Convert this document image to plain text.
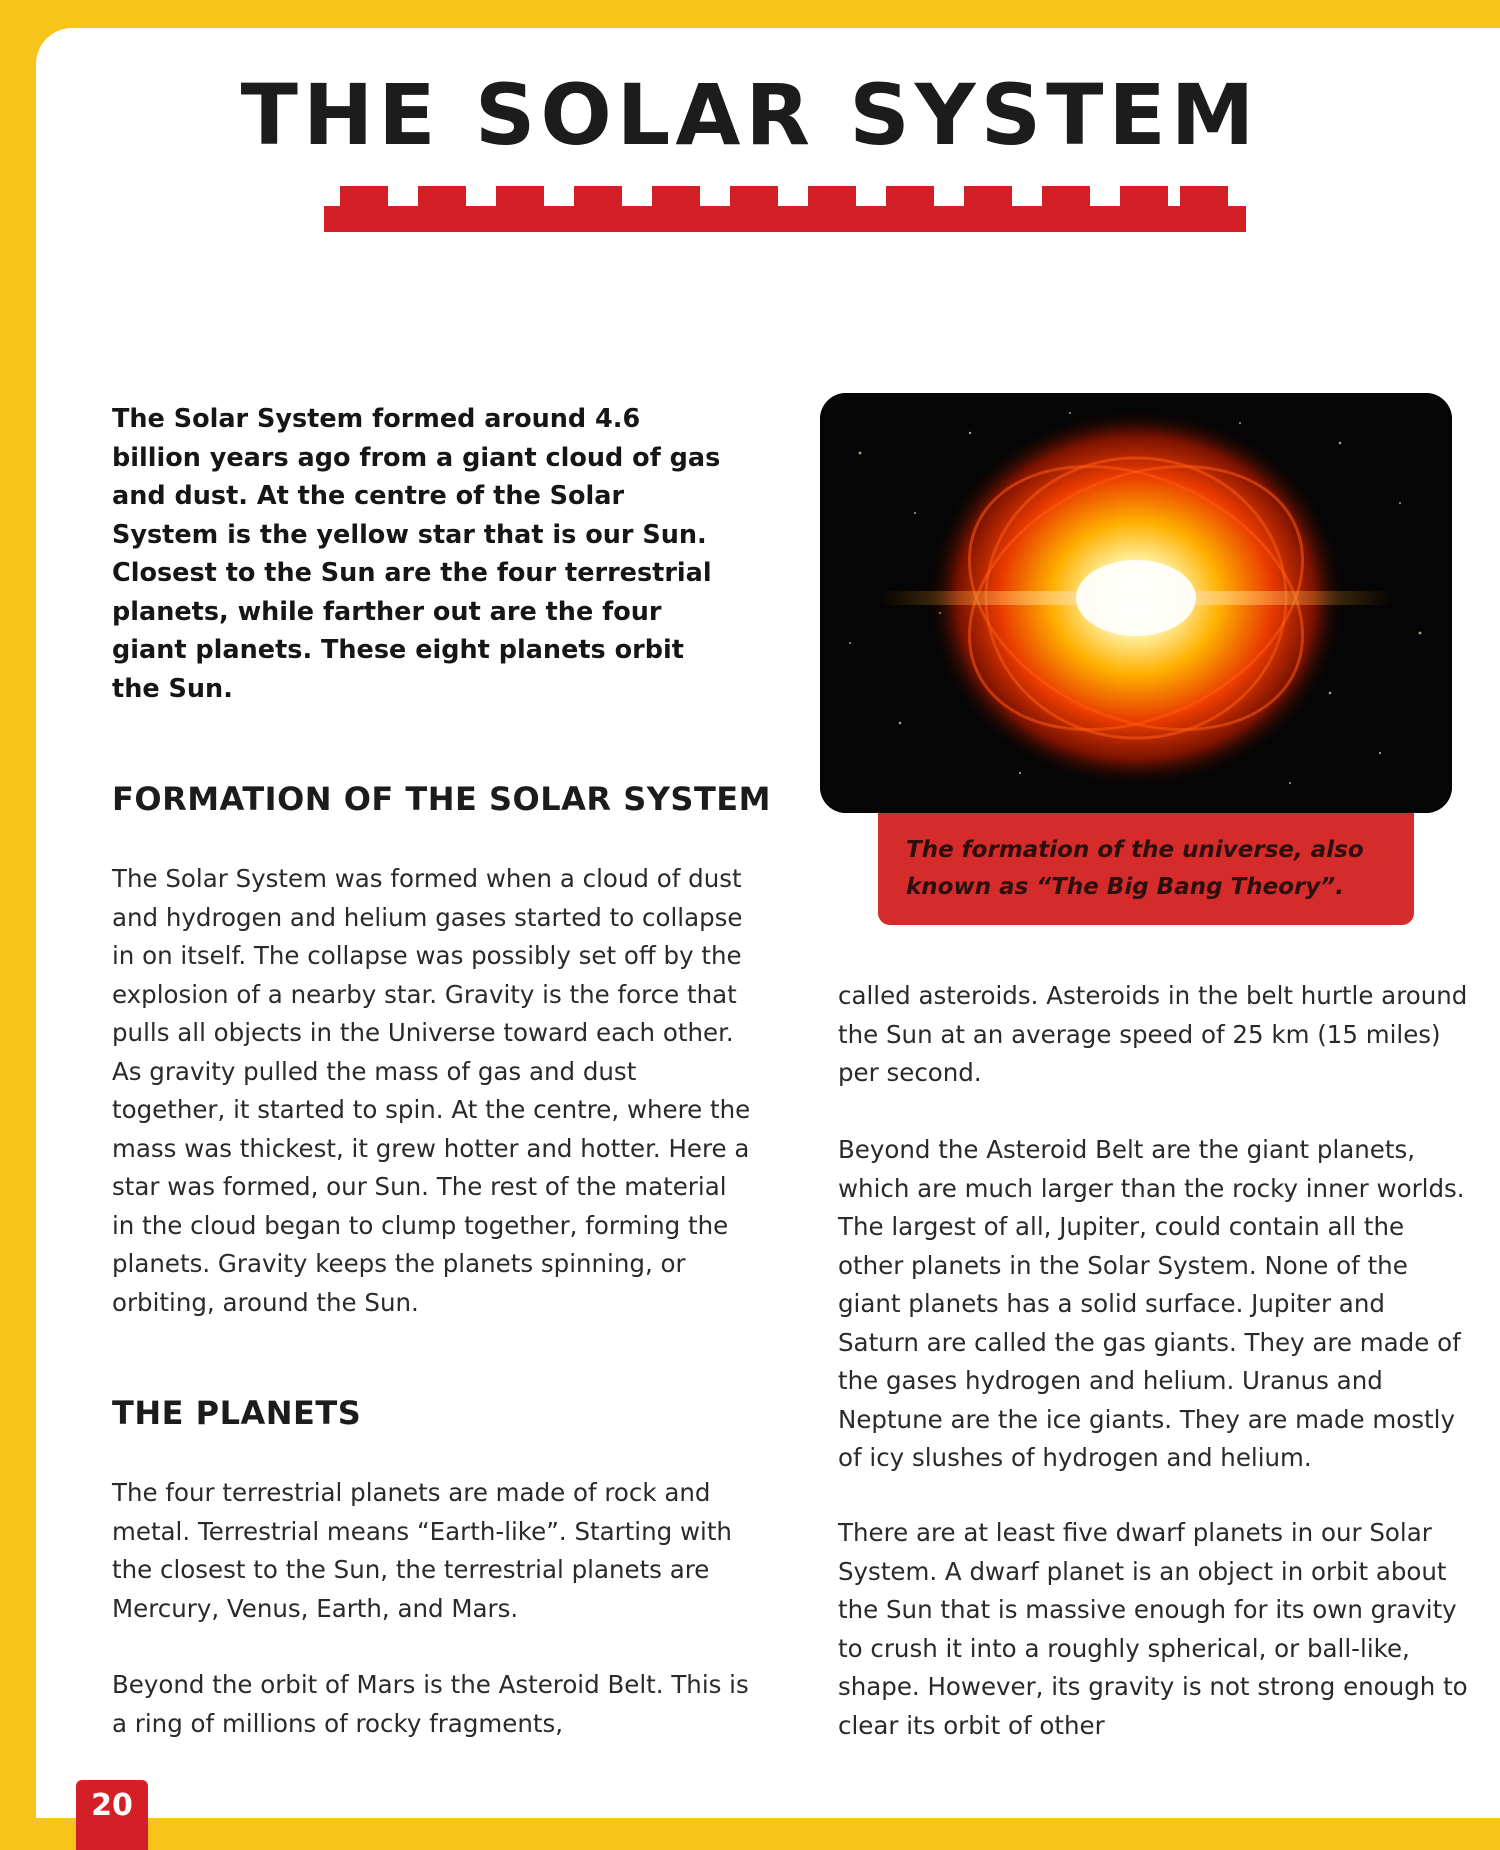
THE SOLAR SYSTEM

The Solar System formed around 4.6 billion years ago from a giant cloud of gas and dust. At the centre of the Solar System is the yellow star that is our Sun. Closest to the Sun are the four terrestrial planets, while farther out are the four giant planets. These eight planets orbit the Sun.

The formation of the universe, also known as “The Big Bang Theory”.

FORMATION OF THE SOLAR SYSTEM

The Solar System was formed when a cloud of dust and hydrogen and helium gases started to collapse in on itself. The collapse was possibly set off by the explosion of a nearby star. Gravity is the force that pulls all objects in the Universe toward each other. As gravity pulled the mass of gas and dust together, it started to spin. At the centre, where the mass was thickest, it grew hotter and hotter. Here a star was formed, our Sun. The rest of the material in the cloud began to clump together, forming the planets. Gravity keeps the planets spinning, or orbiting, around the Sun.

THE PLANETS

The four terrestrial planets are made of rock and metal. Terrestrial means “Earth-like”. Starting with the closest to the Sun, the terrestrial planets are Mercury, Venus, Earth, and Mars.

Beyond the orbit of Mars is the Asteroid Belt. This is a ring of millions of rocky fragments,

called asteroids. Asteroids in the belt hurtle around the Sun at an average speed of 25 km (15 miles) per second.

Beyond the Asteroid Belt are the giant planets, which are much larger than the rocky inner worlds. The largest of all, Jupiter, could contain all the other planets in the Solar System. None of the giant planets has a solid surface. Jupiter and Saturn are called the gas giants. They are made of the gases hydrogen and helium. Uranus and Neptune are the ice giants. They are made mostly of icy slushes of hydrogen and helium.

There are at least five dwarf planets in our Solar System. A dwarf planet is an object in orbit about the Sun that is massive enough for its own gravity to crush it into a roughly spherical, or ball-like, shape. However, its gravity is not strong enough to clear its orbit of other

20
